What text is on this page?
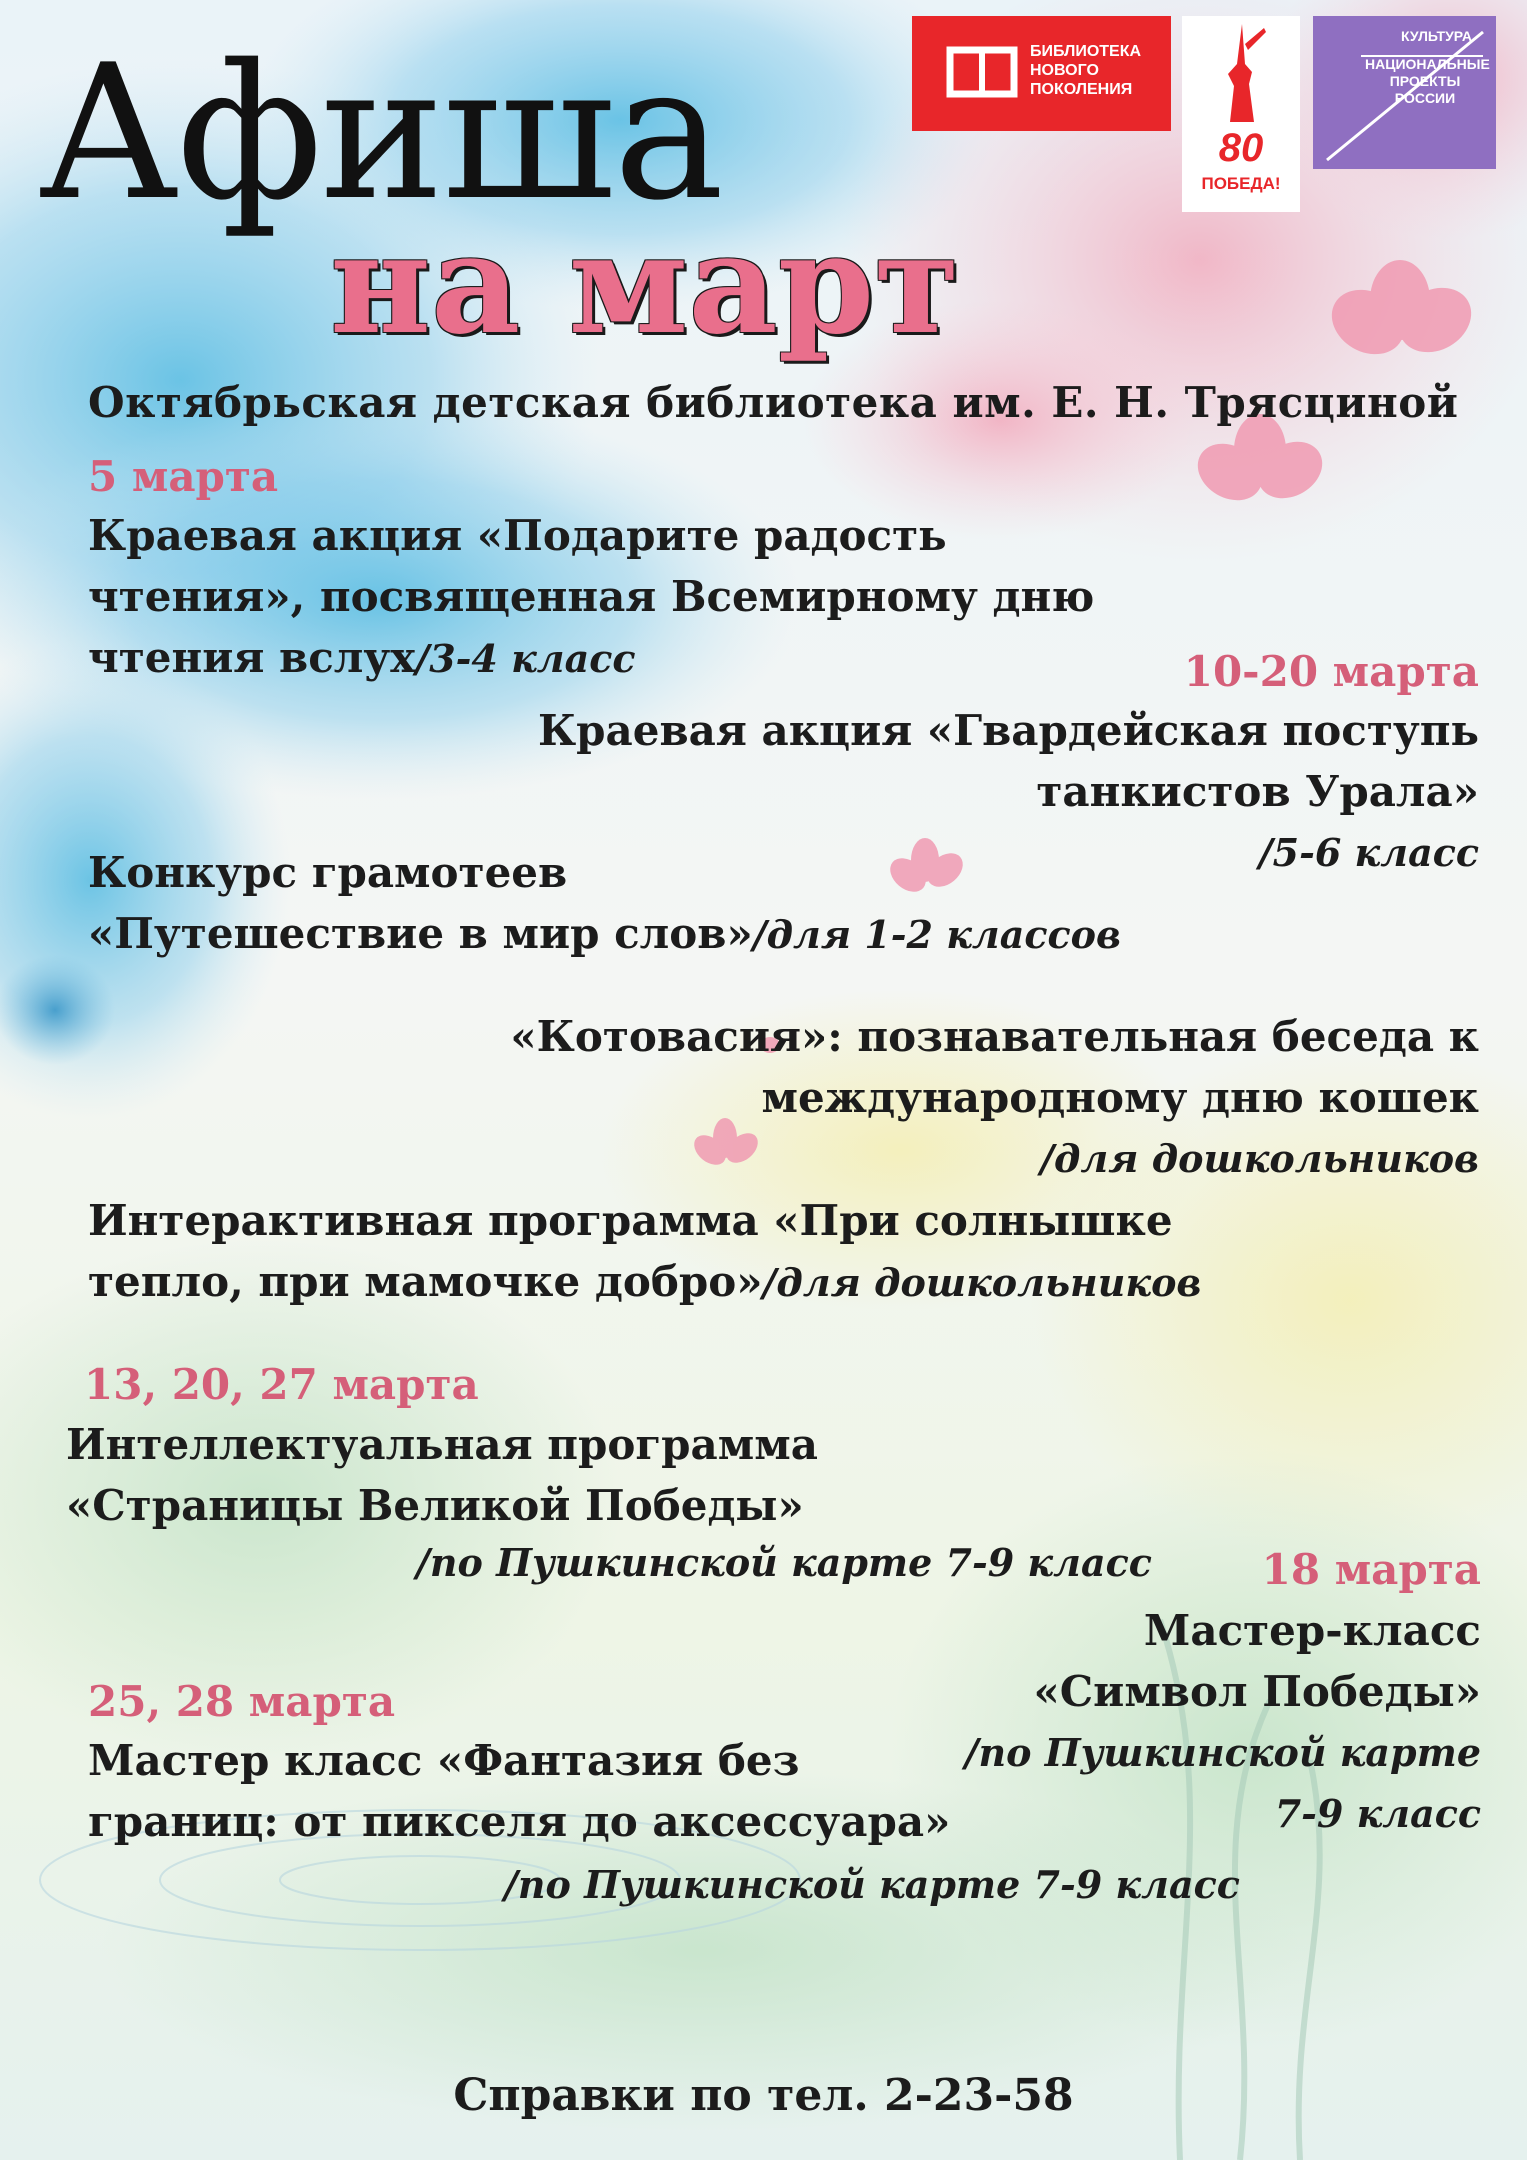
БИБЛИОТЕКА
НОВОГО
ПОКОЛЕНИЯ
80
ПОБЕДА!
КУЛЬТУРА
НАЦИОНАЛЬНЫЕ ПРОЕКТЫ РОССИИ
Афиша
на март
Октябрьская детская библиотека им. Е. Н. Трясциной
5 марта
Краевая акция «Подарите радость
чтения», посвященная Всемирному дню
чтения вслух/3-4 класс	10-20 марта
Краевая акция «Гвардейская поступь
танкистов Урала»
/5-6 класс
Конкурс грамотеев
«Путешествие в мир слов»/для 1-2 классов
«Котовасия»: познавательная беседа к
международному дню кошек
/для дошкольников
Интерактивная программа «При солнышке
тепло, при мамочке добро»/для дошкольников
13, 20, 27 марта
Интеллектуальная программа
«Страницы Великой Победы»
/по Пушкинской карте 7-9 класс	18 марта
Мастер-класс
«Символ Победы»
/по Пушкинской карте
7-9 класс
25, 28 марта
Мастер класс «Фантазия без
границ: от пикселя до аксессуара»
/по Пушкинской карте 7-9 класс
Справки по тел. 2-23-58
